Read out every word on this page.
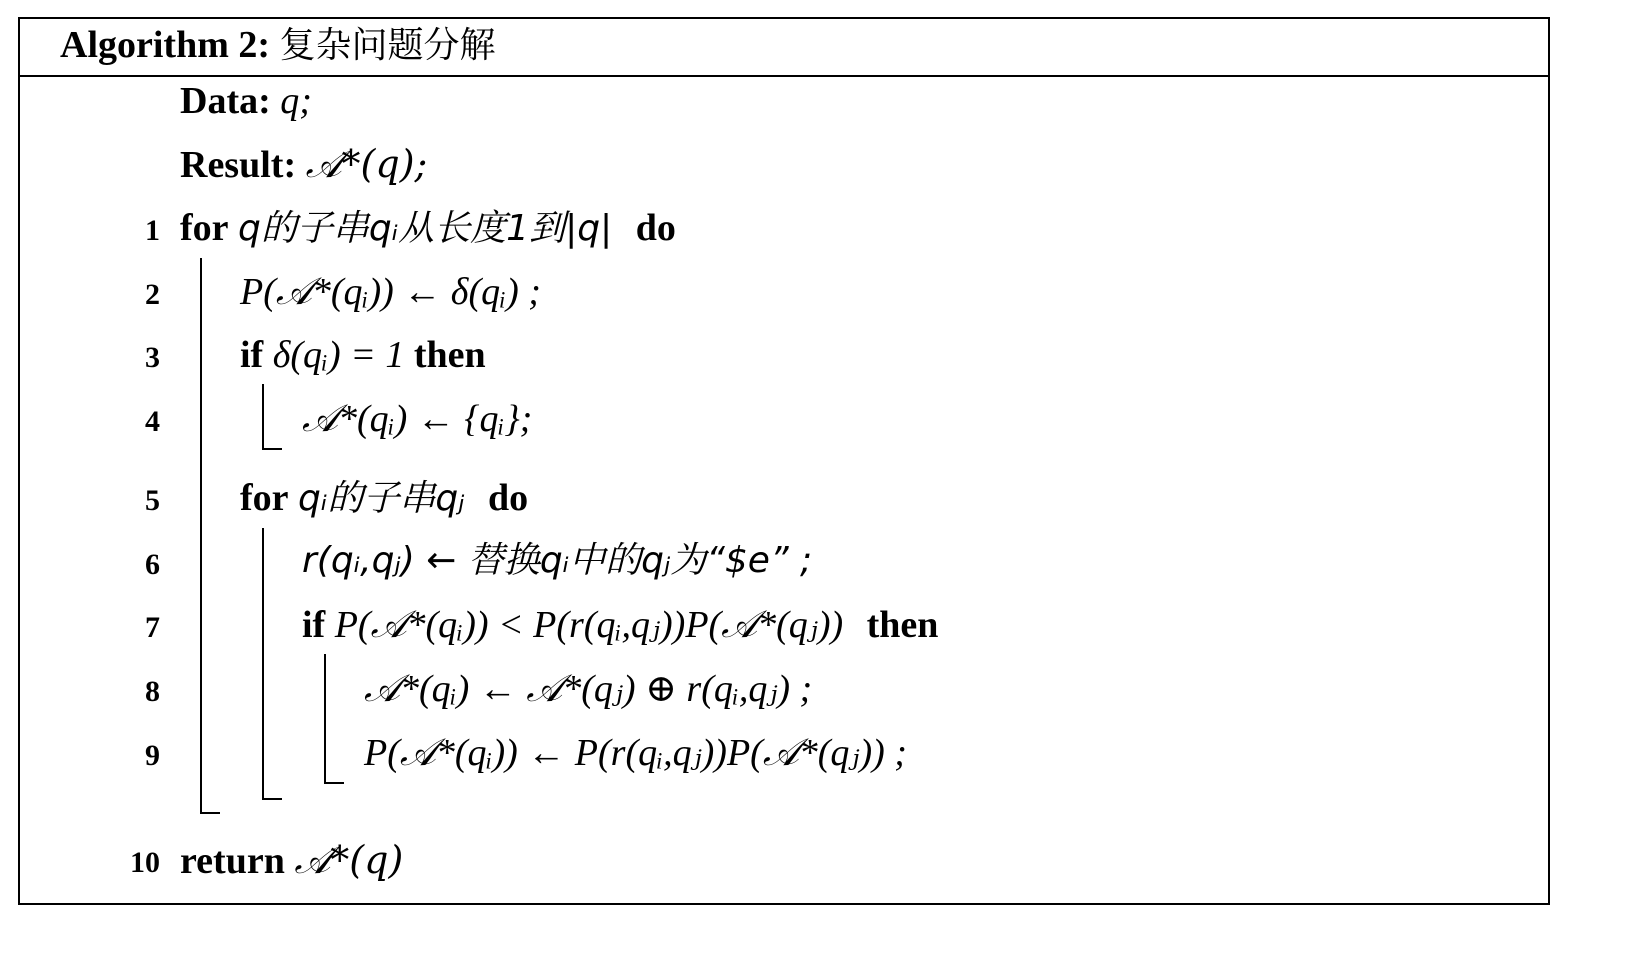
Algorithm 2: 复杂问题分解
Data: q;
Result: 𝒜*(q);
1
2
3
4
5
6
7
8
9
10
for q的子串qᵢ从长度1到|q| do
P(𝒜*(qᵢ)) ← δ(qᵢ) ;
if δ(qᵢ) = 1 then
𝒜*(qᵢ) ← {qᵢ};
for qᵢ的子串qⱼ do
r(qᵢ,qⱼ) ← 替换qᵢ中的qⱼ为“$e” ;
if P(𝒜*(qᵢ)) < P(r(qᵢ,qⱼ))P(𝒜*(qⱼ)) then
𝒜*(qᵢ) ← 𝒜*(qⱼ) ⊕ r(qᵢ,qⱼ) ;
P(𝒜*(qᵢ)) ← P(r(qᵢ,qⱼ))P(𝒜*(qⱼ)) ;
return 𝒜*(q)
